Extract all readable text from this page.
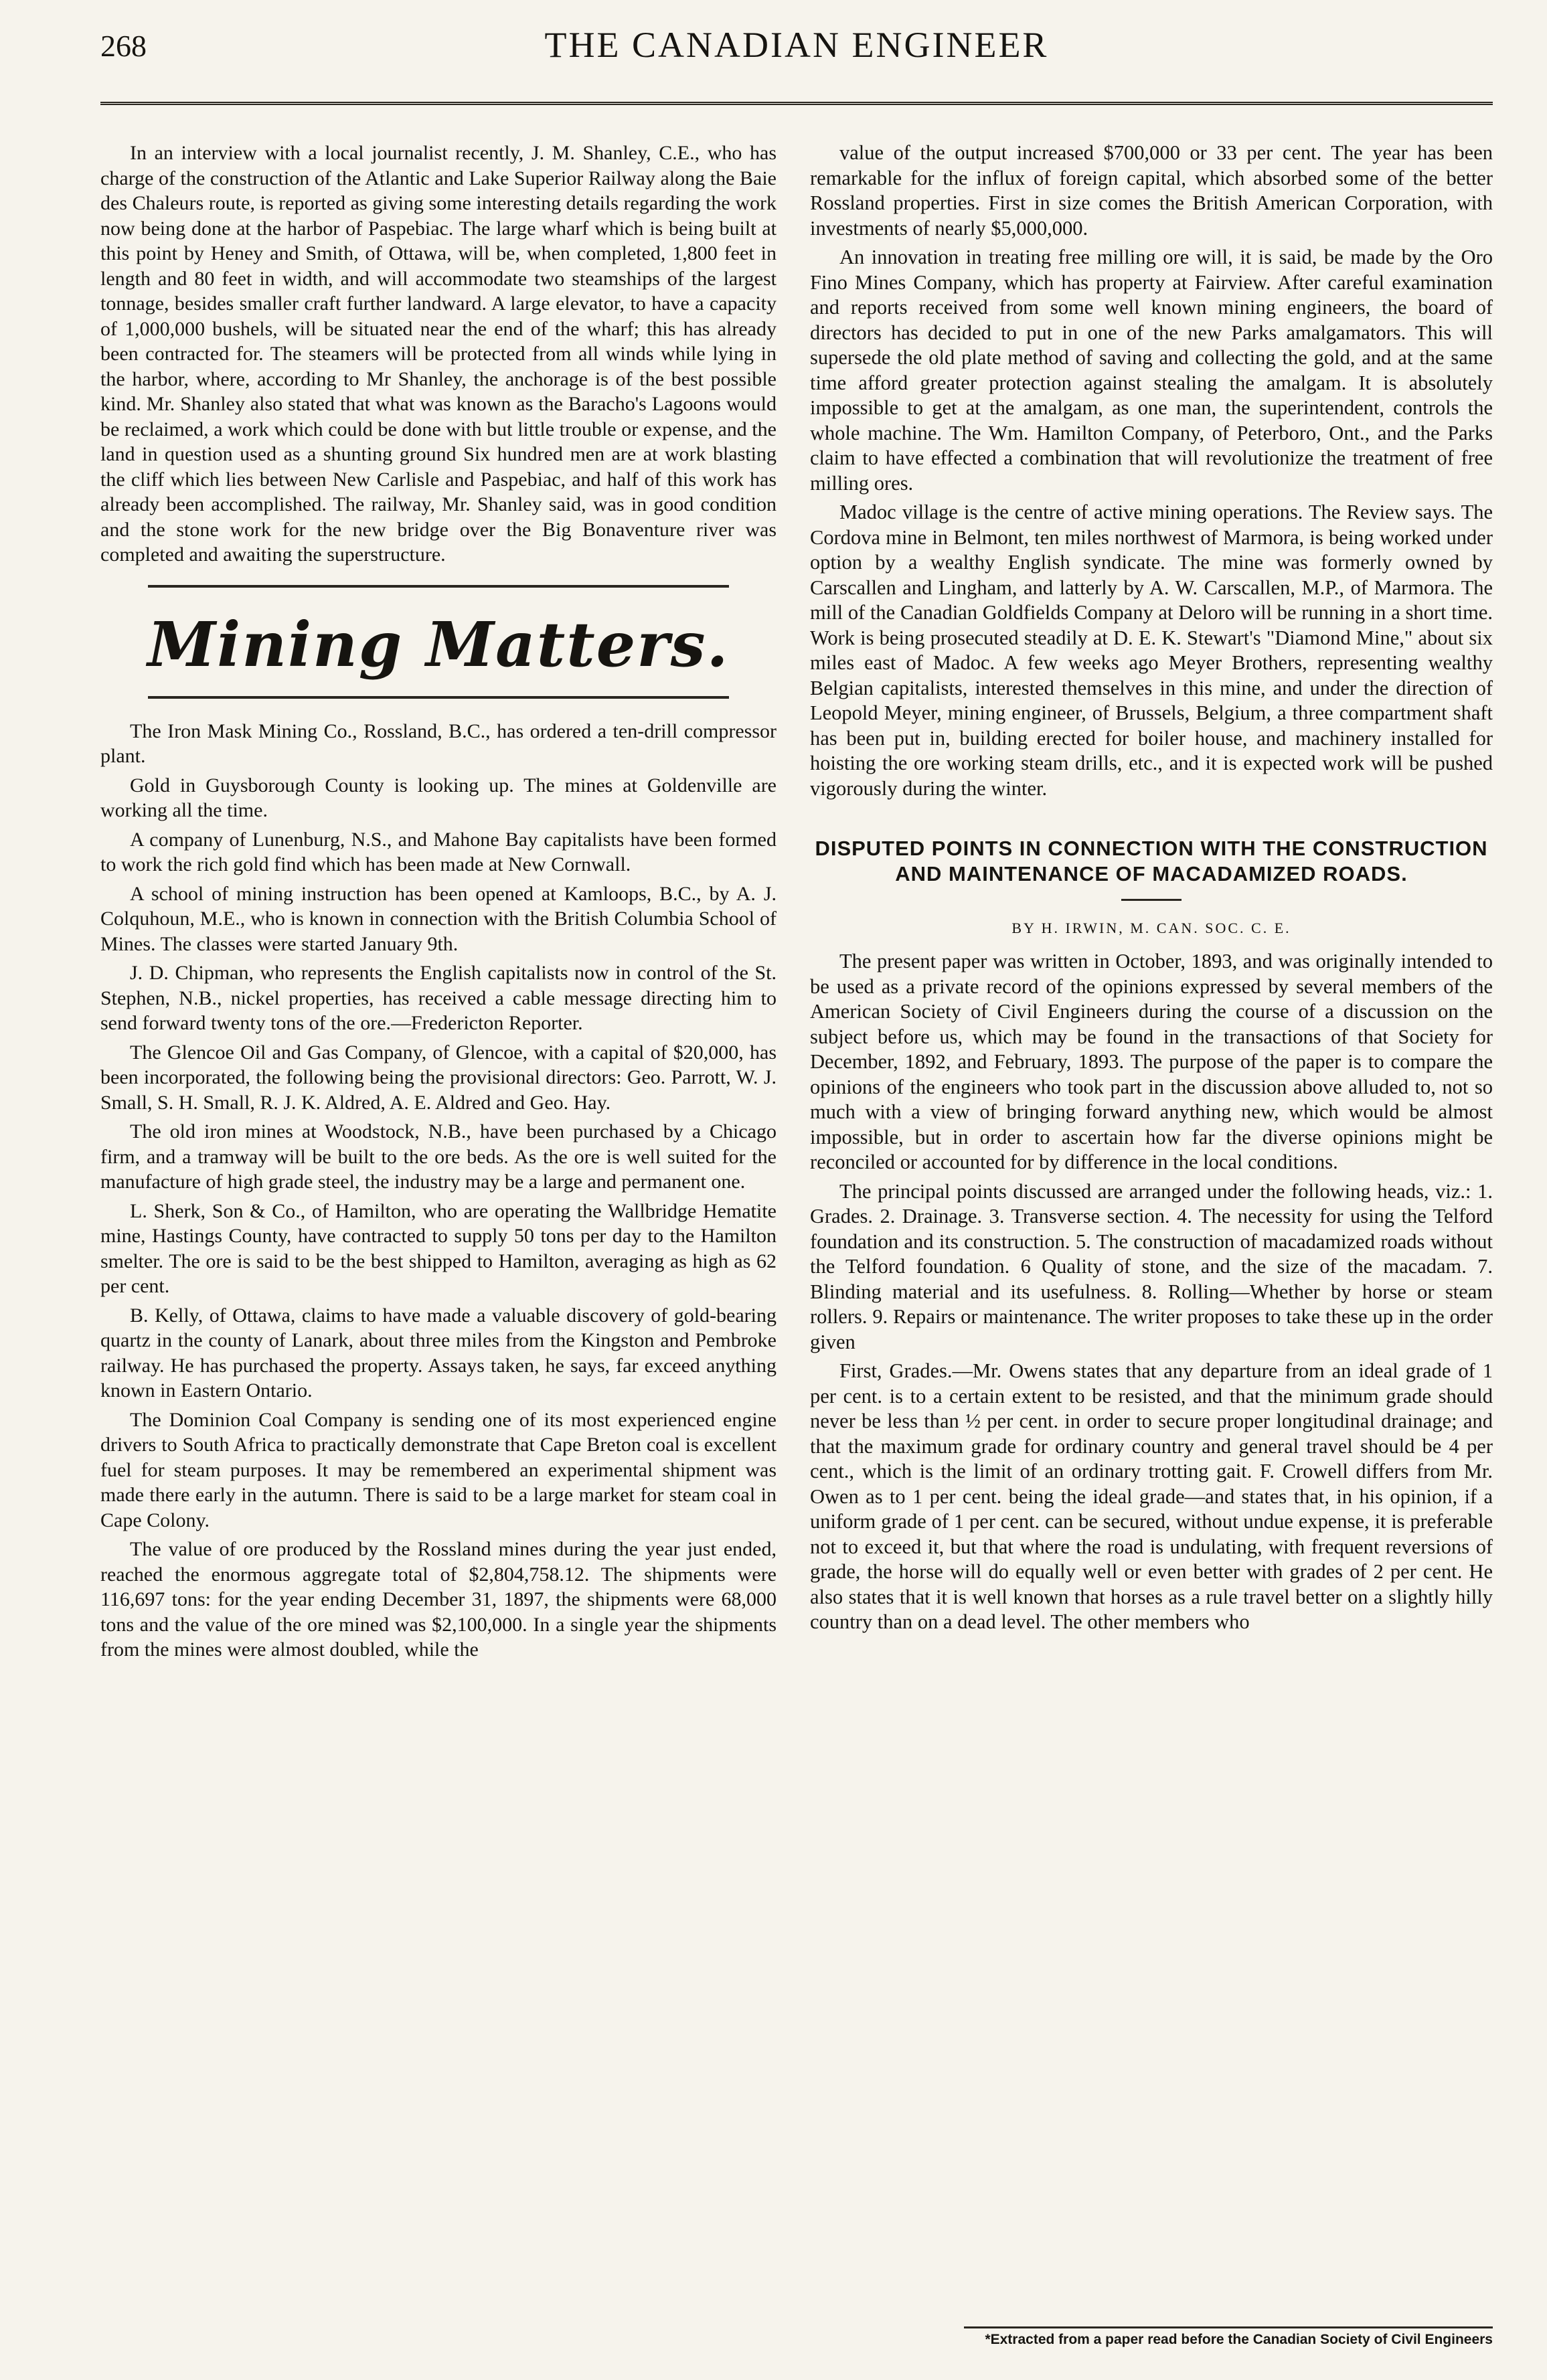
268	THE CANADIAN ENGINEER

In an interview with a local journalist recently, J. M. Shanley, C.E., who has charge of the construction of the Atlantic and Lake Superior Railway along the Baie des Chaleurs route, is reported as giving some interesting details regarding the work now being done at the harbor of Paspebiac. The large wharf which is being built at this point by Heney and Smith, of Ottawa, will be, when completed, 1,800 feet in length and 80 feet in width, and will accommodate two steamships of the largest tonnage, besides smaller craft further landward. A large elevator, to have a capacity of 1,000,000 bushels, will be situated near the end of the wharf; this has already been contracted for. The steamers will be protected from all winds while lying in the harbor, where, according to Mr Shanley, the anchorage is of the best possible kind. Mr. Shanley also stated that what was known as the Baracho's Lagoons would be reclaimed, a work which could be done with but little trouble or expense, and the land in question used as a shunting ground Six hundred men are at work blasting the cliff which lies between New Carlisle and Paspebiac, and half of this work has already been accomplished. The railway, Mr. Shanley said, was in good condition and the stone work for the new bridge over the Big Bonaventure river was completed and awaiting the superstructure.

Mining Matters.

The Iron Mask Mining Co., Rossland, B.C., has ordered a ten-drill compressor plant.

Gold in Guysborough County is looking up. The mines at Goldenville are working all the time.

A company of Lunenburg, N.S., and Mahone Bay capitalists have been formed to work the rich gold find which has been made at New Cornwall.

A school of mining instruction has been opened at Kamloops, B.C., by A. J. Colquhoun, M.E., who is known in connection with the British Columbia School of Mines. The classes were started January 9th.

J. D. Chipman, who represents the English capitalists now in control of the St. Stephen, N.B., nickel properties, has received a cable message directing him to send forward twenty tons of the ore.—Fredericton Reporter.

The Glencoe Oil and Gas Company, of Glencoe, with a capital of $20,000, has been incorporated, the following being the provisional directors: Geo. Parrott, W. J. Small, S. H. Small, R. J. K. Aldred, A. E. Aldred and Geo. Hay.

The old iron mines at Woodstock, N.B., have been purchased by a Chicago firm, and a tramway will be built to the ore beds. As the ore is well suited for the manufacture of high grade steel, the industry may be a large and permanent one.

L. Sherk, Son & Co., of Hamilton, who are operating the Wallbridge Hematite mine, Hastings County, have contracted to supply 50 tons per day to the Hamilton smelter. The ore is said to be the best shipped to Hamilton, averaging as high as 62 per cent.

B. Kelly, of Ottawa, claims to have made a valuable discovery of gold-bearing quartz in the county of Lanark, about three miles from the Kingston and Pembroke railway. He has purchased the property. Assays taken, he says, far exceed anything known in Eastern Ontario.

The Dominion Coal Company is sending one of its most experienced engine drivers to South Africa to practically demonstrate that Cape Breton coal is excellent fuel for steam purposes. It may be remembered an experimental shipment was made there early in the autumn. There is said to be a large market for steam coal in Cape Colony.

The value of ore produced by the Rossland mines during the year just ended, reached the enormous aggregate total of $2,804,758.12. The shipments were 116,697 tons: for the year ending December 31, 1897, the shipments were 68,000 tons and the value of the ore mined was $2,100,000. In a single year the shipments from the mines were almost doubled, while the

value of the output increased $700,000 or 33 per cent. The year has been remarkable for the influx of foreign capital, which absorbed some of the better Rossland properties. First in size comes the British American Corporation, with investments of nearly $5,000,000.

An innovation in treating free milling ore will, it is said, be made by the Oro Fino Mines Company, which has property at Fairview. After careful examination and reports received from some well known mining engineers, the board of directors has decided to put in one of the new Parks amalgamators. This will supersede the old plate method of saving and collecting the gold, and at the same time afford greater protection against stealing the amalgam. It is absolutely impossible to get at the amalgam, as one man, the superintendent, controls the whole machine. The Wm. Hamilton Company, of Peterboro, Ont., and the Parks claim to have effected a combination that will revolutionize the treatment of free milling ores.

Madoc village is the centre of active mining operations. The Review says. The Cordova mine in Belmont, ten miles northwest of Marmora, is being worked under option by a wealthy English syndicate. The mine was formerly owned by Carscallen and Lingham, and latterly by A. W. Carscallen, M.P., of Marmora. The mill of the Canadian Goldfields Company at Deloro will be running in a short time. Work is being prosecuted steadily at D. E. K. Stewart's "Diamond Mine," about six miles east of Madoc. A few weeks ago Meyer Brothers, representing wealthy Belgian capitalists, interested themselves in this mine, and under the direction of Leopold Meyer, mining engineer, of Brussels, Belgium, a three compartment shaft has been put in, building erected for boiler house, and machinery installed for hoisting the ore working steam drills, etc., and it is expected work will be pushed vigorously during the winter.

DISPUTED POINTS IN CONNECTION WITH THE CONSTRUCTION AND MAINTENANCE OF MACADAMIZED ROADS.
BY H. IRWIN, M. CAN. SOC. C. E.

The present paper was written in October, 1893, and was originally intended to be used as a private record of the opinions expressed by several members of the American Society of Civil Engineers during the course of a discussion on the subject before us, which may be found in the transactions of that Society for December, 1892, and February, 1893. The purpose of the paper is to compare the opinions of the engineers who took part in the discussion above alluded to, not so much with a view of bringing forward anything new, which would be almost impossible, but in order to ascertain how far the diverse opinions might be reconciled or accounted for by difference in the local conditions.

The principal points discussed are arranged under the following heads, viz.: 1. Grades. 2. Drainage. 3. Transverse section. 4. The necessity for using the Telford foundation and its construction. 5. The construction of macadamized roads without the Telford foundation. 6 Quality of stone, and the size of the macadam. 7. Blinding material and its usefulness. 8. Rolling—Whether by horse or steam rollers. 9. Repairs or maintenance. The writer proposes to take these up in the order given

First, Grades.—Mr. Owens states that any departure from an ideal grade of 1 per cent. is to a certain extent to be resisted, and that the minimum grade should never be less than ½ per cent. in order to secure proper longitudinal drainage; and that the maximum grade for ordinary country and general travel should be 4 per cent., which is the limit of an ordinary trotting gait. F. Crowell differs from Mr. Owen as to 1 per cent. being the ideal grade—and states that, in his opinion, if a uniform grade of 1 per cent. can be secured, without undue expense, it is preferable not to exceed it, but that where the road is undulating, with frequent reversions of grade, the horse will do equally well or even better with grades of 2 per cent. He also states that it is well known that horses as a rule travel better on a slightly hilly country than on a dead level. The other members who

*Extracted from a paper read before the Canadian Society of Civil Engineers
